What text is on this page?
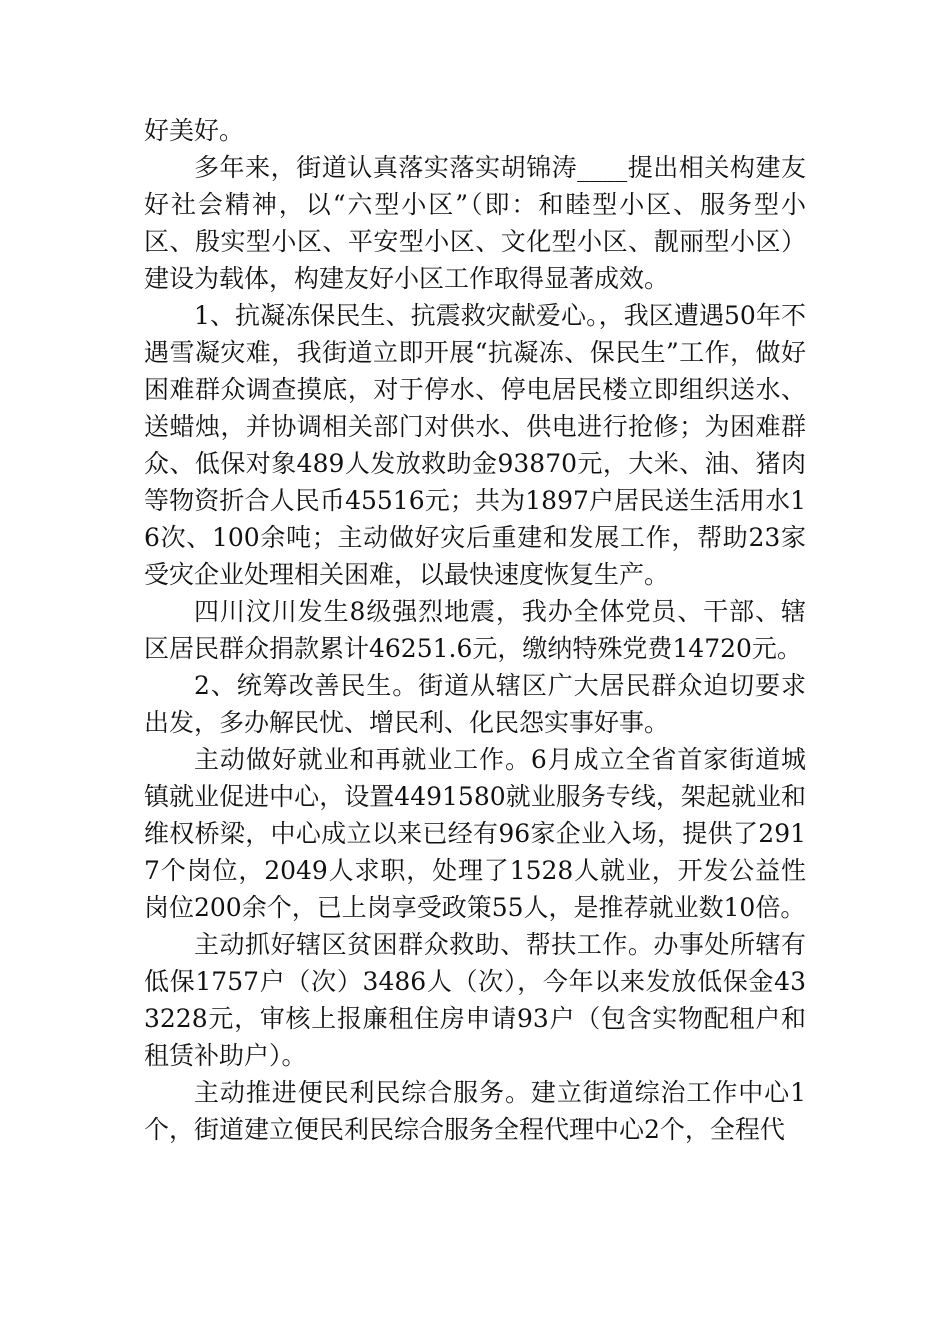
好美好。

多年来，街道认真落实落实胡锦涛____提出相关构建友好社会精神，以“六型小区”（即：和睦型小区、服务型小区、殷实型小区、平安型小区、文化型小区、靓丽型小区）建设为载体，构建友好小区工作取得显著成效。

1、抗凝冻保民生、抗震救灾献爱心。，我区遭遇50年不遇雪凝灾难，我街道立即开展“抗凝冻、保民生”工作，做好困难群众调查摸底，对于停水、停电居民楼立即组织送水、送蜡烛，并协调相关部门对供水、供电进行抢修；为困难群众、低保对象489人发放救助金93870元，大米、油、猪肉等物资折合人民币45516元；共为1897户居民送生活用水16次、100余吨；主动做好灾后重建和发展工作，帮助23家受灾企业处理相关困难，以最快速度恢复生产。

四川汶川发生8级强烈地震，我办全体党员、干部、辖区居民群众捐款累计46251.6元，缴纳特殊党费14720元。

2、统筹改善民生。街道从辖区广大居民群众迫切要求出发，多办解民忧、增民利、化民怨实事好事。

主动做好就业和再就业工作。6月成立全省首家街道城镇就业促进中心，设置4491580就业服务专线，架起就业和维权桥梁，中心成立以来已经有96家企业入场，提供了2917个岗位，2049人求职，处理了1528人就业，开发公益性岗位200余个，已上岗享受政策55人，是推荐就业数10倍。

主动抓好辖区贫困群众救助、帮扶工作。办事处所辖有低保1757户（次）3486人（次），今年以来发放低保金433228元，审核上报廉租住房申请93户（包含实物配租户和租赁补助户）。

主动推进便民利民综合服务。建立街道综治工作中心1个，街道建立便民利民综合服务全程代理中心2个，全程代
